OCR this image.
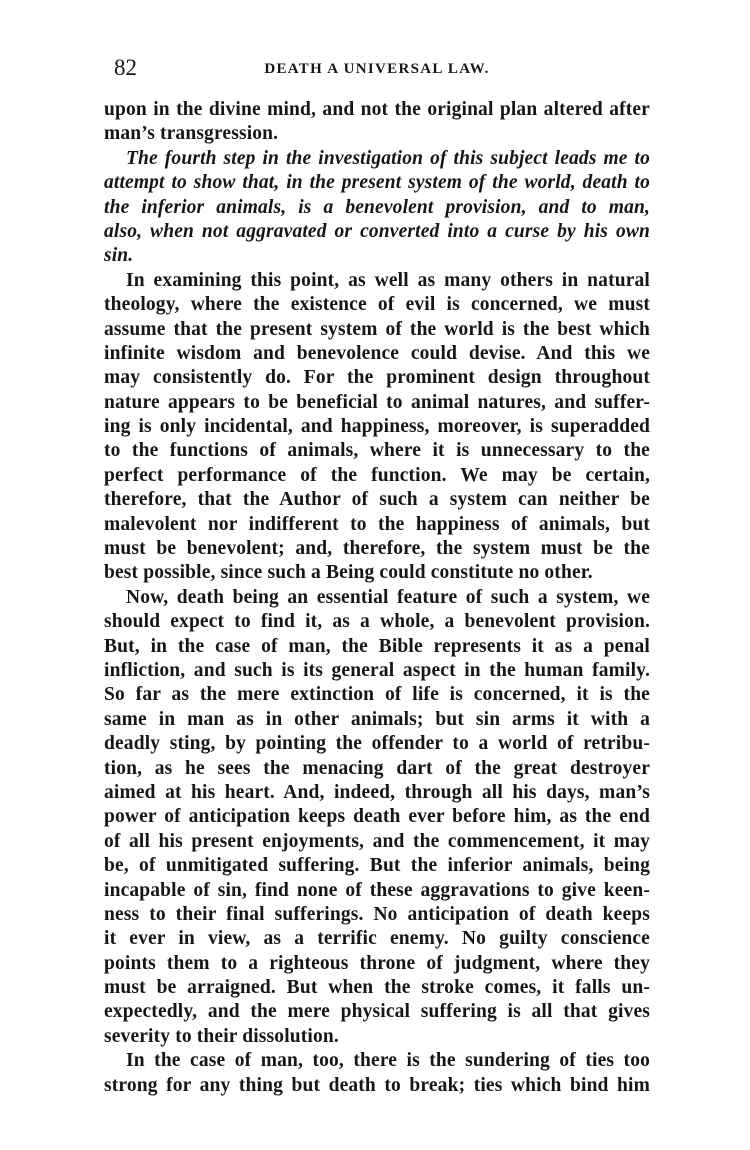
82	DEATH A UNIVERSAL LAW.
upon in the divine mind, and not the original plan altered after
man’s transgression.
The fourth step in the investigation of this subject leads me to
attempt to show that, in the present system of the world, death to
the inferior animals, is a benevolent provision, and to man,
also, when not aggravated or converted into a curse by his own
sin.
In examining this point, as well as many others in natural
theology, where the existence of evil is concerned, we must
assume that the present system of the world is the best which
infinite wisdom and benevolence could devise. And this we
may consistently do. For the prominent design throughout
nature appears to be beneficial to animal natures, and suffer-
ing is only incidental, and happiness, moreover, is superadded
to the functions of animals, where it is unnecessary to the
perfect performance of the function. We may be certain,
therefore, that the Author of such a system can neither be
malevolent nor indifferent to the happiness of animals, but
must be benevolent; and, therefore, the system must be the
best possible, since such a Being could constitute no other.
Now, death being an essential feature of such a system, we
should expect to find it, as a whole, a benevolent provision.
But, in the case of man, the Bible represents it as a penal
infliction, and such is its general aspect in the human family.
So far as the mere extinction of life is concerned, it is the
same in man as in other animals; but sin arms it with a
deadly sting, by pointing the offender to a world of retribu-
tion, as he sees the menacing dart of the great destroyer
aimed at his heart. And, indeed, through all his days, man’s
power of anticipation keeps death ever before him, as the end
of all his present enjoyments, and the commencement, it may
be, of unmitigated suffering. But the inferior animals, being
incapable of sin, find none of these aggravations to give keen-
ness to their final sufferings. No anticipation of death keeps
it ever in view, as a terrific enemy. No guilty conscience
points them to a righteous throne of judgment, where they
must be arraigned. But when the stroke comes, it falls un-
expectedly, and the mere physical suffering is all that gives
severity to their dissolution.
In the case of man, too, there is the sundering of ties too
strong for any thing but death to break; ties which bind him
